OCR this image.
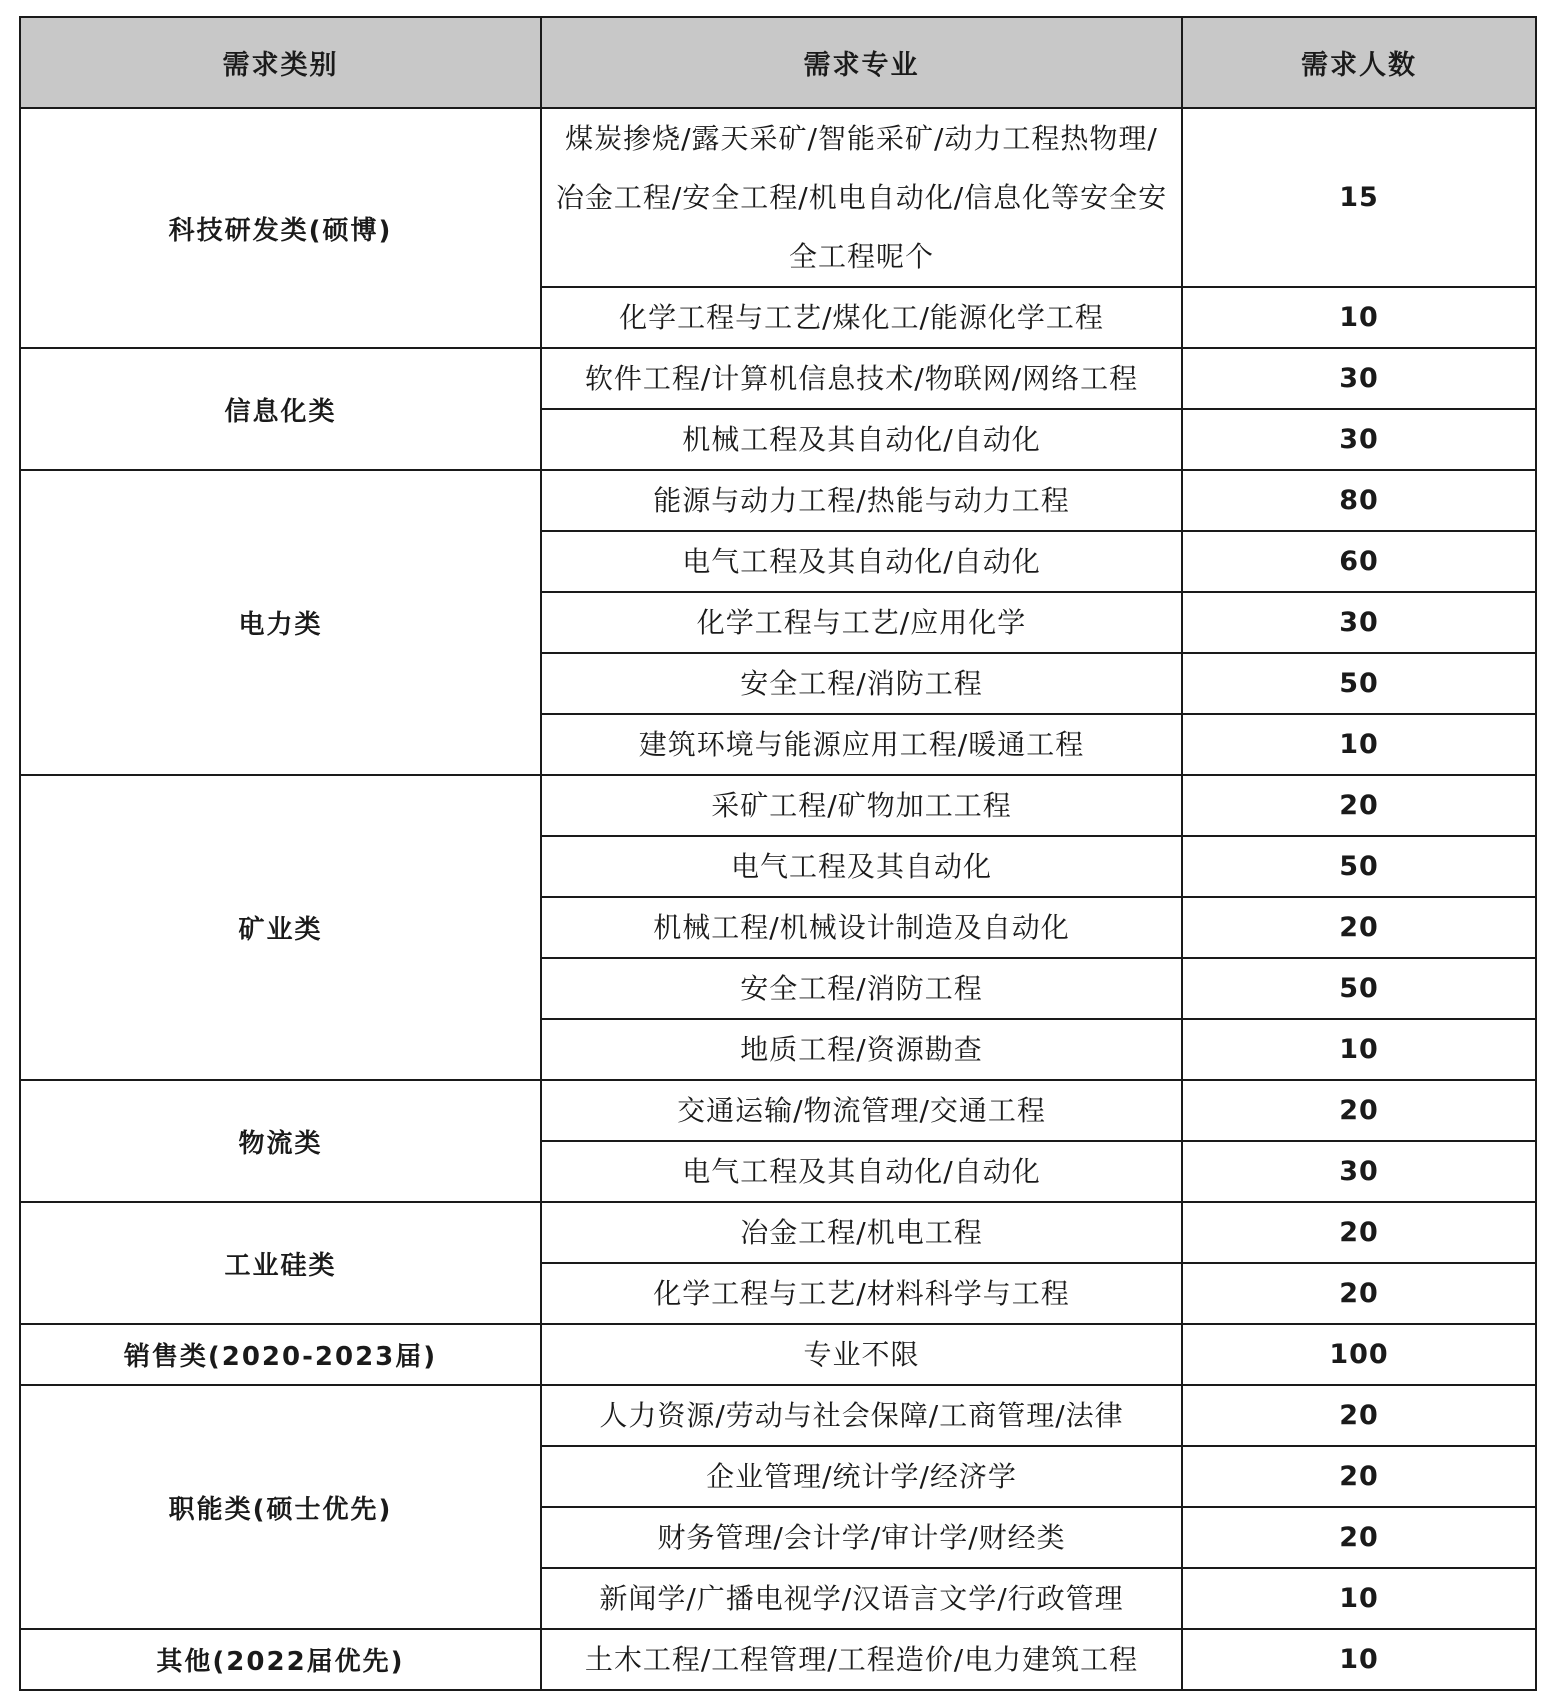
需求类别	需求专业	需求人数
科技研发类(硕博)	煤炭掺烧/露天采矿/智能采矿/动力工程热物理/冶金工程/安全工程/机电自动化/信息化等安全安全工程呢个	15
	化学工程与工艺/煤化工/能源化学工程	10
信息化类	软件工程/计算机信息技术/物联网/网络工程	30
	机械工程及其自动化/自动化	30
电力类	能源与动力工程/热能与动力工程	80
	电气工程及其自动化/自动化	60
	化学工程与工艺/应用化学	30
	安全工程/消防工程	50
	建筑环境与能源应用工程/暖通工程	10
矿业类	采矿工程/矿物加工工程	20
	电气工程及其自动化	50
	机械工程/机械设计制造及自动化	20
	安全工程/消防工程	50
	地质工程/资源勘查	10
物流类	交通运输/物流管理/交通工程	20
	电气工程及其自动化/自动化	30
工业硅类	冶金工程/机电工程	20
	化学工程与工艺/材料科学与工程	20
销售类(2020-2023届)	专业不限	100
职能类(硕士优先)	人力资源/劳动与社会保障/工商管理/法律	20
	企业管理/统计学/经济学	20
	财务管理/会计学/审计学/财经类	20
	新闻学/广播电视学/汉语言文学/行政管理	10
其他(2022届优先)	土木工程/工程管理/工程造价/电力建筑工程	10
